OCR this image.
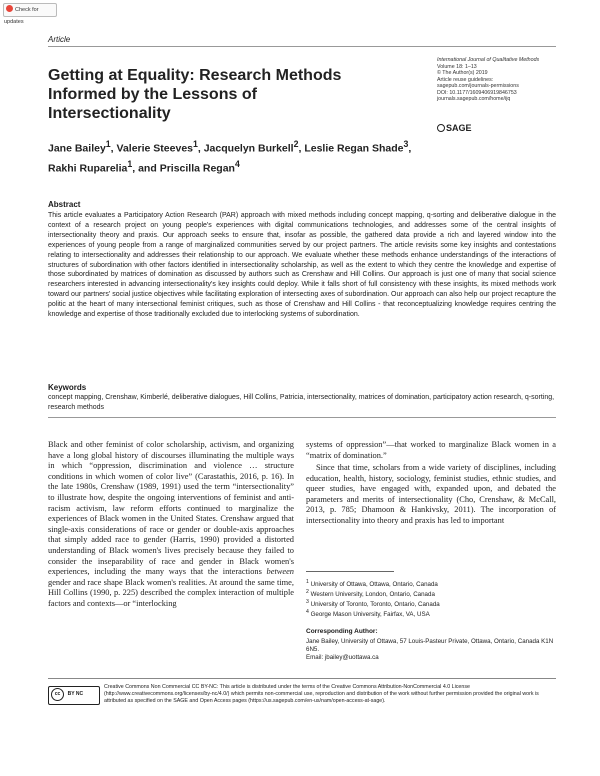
Check for updates
Article
Getting at Equality: Research Methods Informed by the Lessons of Intersectionality
International Journal of Qualitative Methods
Volume 18: 1–13
© The Author(s) 2019
Article reuse guidelines:
sagepub.com/journals-permissions
DOI: 10.1177/1609406919846753
journals.sagepub.com/home/ijq
SAGE
Jane Bailey$^1$, Valerie Steeves$^1$, Jacquelyn Burkell$^2$, Leslie Regan Shade$^3$,
Rakhi Ruparelia$^1$, and Priscilla Regan$^4$
Abstract
This article evaluates a Participatory Action Research (PAR) approach with mixed methods including concept mapping, q-sorting and deliberative dialogue in the context of a research project on young people's experiences with digital communications technologies, and addresses some of the central insights of intersectionality theory and praxis. Our approach seeks to ensure that, insofar as possible, the gathered data provide a rich and layered window into the experiences of young people from a range of marginalized communities served by our project partners. The article revisits some key insights and contestations relating to intersectionality and addresses their relationship to our approach. We evaluate whether these methods enhance understandings of the interactions of structures of subordination with other factors identified in intersectionality scholarship, as well as the extent to which they centre the knowledge and expertise of those subordinated by matrices of domination as discussed by authors such as Crenshaw and Hill Collins. Our approach is just one of many that social science researchers interested in advancing intersectionality's key insights could deploy. While it falls short of full consistency with these insights, its mixed methods work toward our partners' social justice objectives while facilitating exploration of intersecting axes of subordination. Our approach can also help our project recapture the politic at the heart of many intersectional feminist critiques, such as those of Crenshaw and Hill Collins - that reconceptualizing knowledge requires centring the knowledge and expertise of those traditionally excluded due to interlocking systems of subordination.
Keywords
concept mapping, Crenshaw, Kimberlé, deliberative dialogues, Hill Collins, Patricia, intersectionality, matrices of domination, participatory action research, q-sorting, research methods
Black and other feminist of color scholarship, activism, and organizing have a long global history of discourses illuminating the multiple ways in which “oppression, discrimination and violence … structure conditions in which women of color live” (Carastathis, 2016, p. 16). In the late 1980s, Crenshaw (1989, 1991) used the term “intersectionality” to illustrate how, despite the ongoing interventions of feminist and anti-racism activism, law reform efforts continued to marginalize the experiences of Black women in the United States. Crenshaw argued that single-axis considerations of race or gender or double-axis approaches that simply added race to gender (Harris, 1990) provided a distorted understanding of Black women's lives precisely because they failed to consider the inseparability of race and gender in Black women's experiences, including the many ways that the interactions between gender and race shape Black women's realities. At around the same time, Hill Collins (1990, p. 225) described the complex interaction of multiple factors and contexts—or “interlocking
systems of oppression”—that worked to marginalize Black women in a “matrix of domination.”
Since that time, scholars from a wide variety of disciplines, including education, health, history, sociology, feminist studies, ethnic studies, and queer studies, have engaged with, expanded upon, and debated the parameters and merits of intersectionality (Cho, Crenshaw, & McCall, 2013, p. 785; Dhamoon & Hankivsky, 2011). The incorporation of intersectionality into theory and praxis has led to important
$^1$ University of Ottawa, Ottawa, Ontario, Canada
$^2$ Western University, London, Ontario, Canada
$^3$ University of Toronto, Toronto, Ontario, Canada
$^4$ George Mason University, Fairfax, VA, USA
Corresponding Author:
Jane Bailey, University of Ottawa, 57 Louis-Pasteur Private, Ottawa, Ontario, Canada K1N 6N5.
Email: jbailey@uottawa.ca
cc BY NC
Creative Commons Non Commercial CC BY-NC: This article is distributed under the terms of the Creative Commons Attribution-NonCommercial 4.0 License (http://www.creativecommons.org/licenses/by-nc/4.0/) which permits non-commercial use, reproduction and distribution of the work without further permission provided the original work is attributed as specified on the SAGE and Open Access pages (https://us.sagepub.com/en-us/nam/open-access-at-sage).
